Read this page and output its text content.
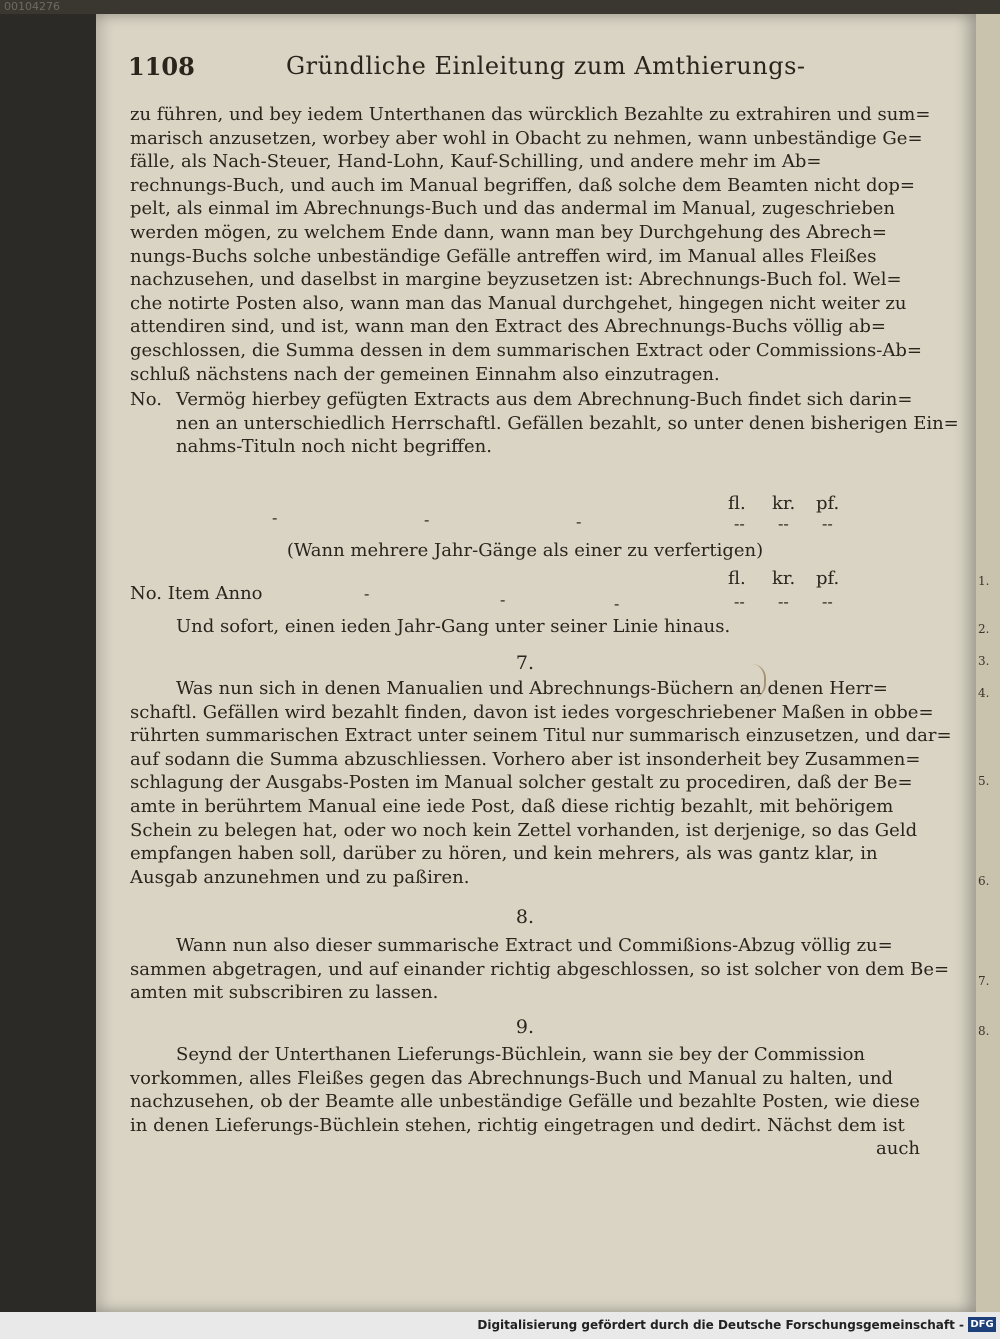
00104276
1.
2.
3.
4.
5.
6.
7.
8.
1108	Gründliche Einleitung zum Amthierungs-

zu führen, und bey iedem Unterthanen das würcklich Bezahlte zu extrahiren und sum=

marisch anzusetzen, worbey aber wohl in Obacht zu nehmen, wann unbeständige Ge=

fälle, als Nach-Steuer, Hand-Lohn, Kauf-Schilling, und andere mehr im Ab=

rechnungs-Buch, und auch im Manual begriffen, daß solche dem Beamten nicht dop=

pelt, als einmal im Abrechnungs-Buch und das andermal im Manual, zugeschrieben

werden mögen, zu welchem Ende dann, wann man bey Durchgehung des Abrech=

nungs-Buchs solche unbeständige Gefälle antreffen wird, im Manual alles Fleißes

nachzusehen, und daselbst in margine beyzusetzen ist: Abrechnungs-Buch fol. Wel=

che notirte Posten also, wann man das Manual durchgehet, hingegen nicht weiter zu

attendiren sind, und ist, wann man den Extract des Abrechnungs-Buchs völlig ab=

geschlossen, die Summa dessen in dem summarischen Extract oder Commissions-Ab=

schluß nächstens nach der gemeinen Einnahm also einzutragen.

No. Vermög hierbey gefügten Extracts aus dem Abrechnung-Buch findet sich darin=

nen an unterschiedlich Herrschaftl. Gefällen bezahlt, so unter denen bisherigen Ein=

nahms-Tituln noch nicht begriffen.

fl. kr. pf.
-	-	-	-- -- --
(Wann mehrere Jahr-Gänge als einer zu verfertigen)
fl. kr. pf.
No. Item Anno	-	-	-	-- -- --

Und sofort, einen ieden Jahr-Gang unter seiner Linie hinaus.

7.

Was nun sich in denen Manualien und Abrechnungs-Büchern an denen Herr=

schaftl. Gefällen wird bezahlt finden, davon ist iedes vorgeschriebener Maßen in obbe=

rührten summarischen Extract unter seinem Titul nur summarisch einzusetzen, und dar=

auf sodann die Summa abzuschliessen. Vorhero aber ist insonderheit bey Zusammen=

schlagung der Ausgabs-Posten im Manual solcher gestalt zu procediren, daß der Be=

amte in berührtem Manual eine iede Post, daß diese richtig bezahlt, mit behörigem

Schein zu belegen hat, oder wo noch kein Zettel vorhanden, ist derjenige, so das Geld

empfangen haben soll, darüber zu hören, und kein mehrers, als was gantz klar, in

Ausgab anzunehmen und zu paßiren.

8.

Wann nun also dieser summarische Extract und Commißions-Abzug völlig zu=

sammen abgetragen, und auf einander richtig abgeschlossen, so ist solcher von dem Be=

amten mit subscribiren zu lassen.

9.

Seynd der Unterthanen Lieferungs-Büchlein, wann sie bey der Commission

vorkommen, alles Fleißes gegen das Abrechnungs-Buch und Manual zu halten, und

nachzusehen, ob der Beamte alle unbeständige Gefälle und bezahlte Posten, wie diese

in denen Lieferungs-Büchlein stehen, richtig eingetragen und dedirt. Nächst dem ist

auch

Digitalisierung gefördert durch die Deutsche Forschungsgemeinschaft - DFG
